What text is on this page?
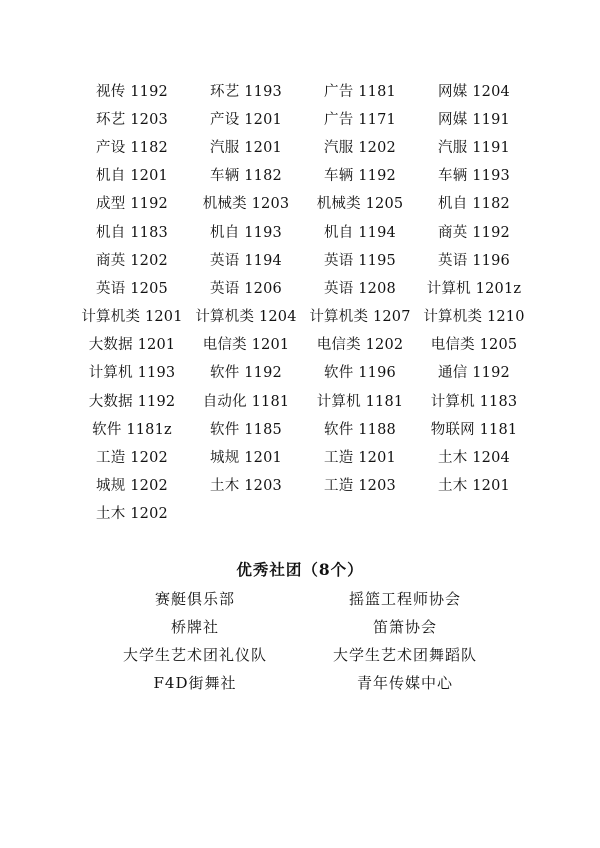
视传 1192	环艺 1193	广告 1181	网媒 1204
环艺 1203	产设 1201	广告 1171	网媒 1191
产设 1182	汽服 1201	汽服 1202	汽服 1191
机自 1201	车辆 1182	车辆 1192	车辆 1193
成型 1192	机械类 1203	机械类 1205	机自 1182
机自 1183	机自 1193	机自 1194	商英 1192
商英 1202	英语 1194	英语 1195	英语 1196
英语 1205	英语 1206	英语 1208	计算机 1201z
计算机类 1201 计算机类 1204 计算机类 1207 计算机类 1210
大数据 1201	电信类 1201	电信类 1202	电信类 1205
计算机 1193	软件 1192	软件 1196	通信 1192
大数据 1192	自动化 1181	计算机 1181	计算机 1183
软件 1181z	软件 1185	软件 1188	物联网 1181
工造 1202	城规 1201	工造 1201	土木 1204
城规 1202	土木 1203	工造 1203	土木 1201
土木 1202
优秀社团（8个）
赛艇俱乐部	摇篮工程师协会
桥牌社	笛箫协会
大学生艺术团礼仪队	大学生艺术团舞蹈队
F4D街舞社	青年传媒中心
